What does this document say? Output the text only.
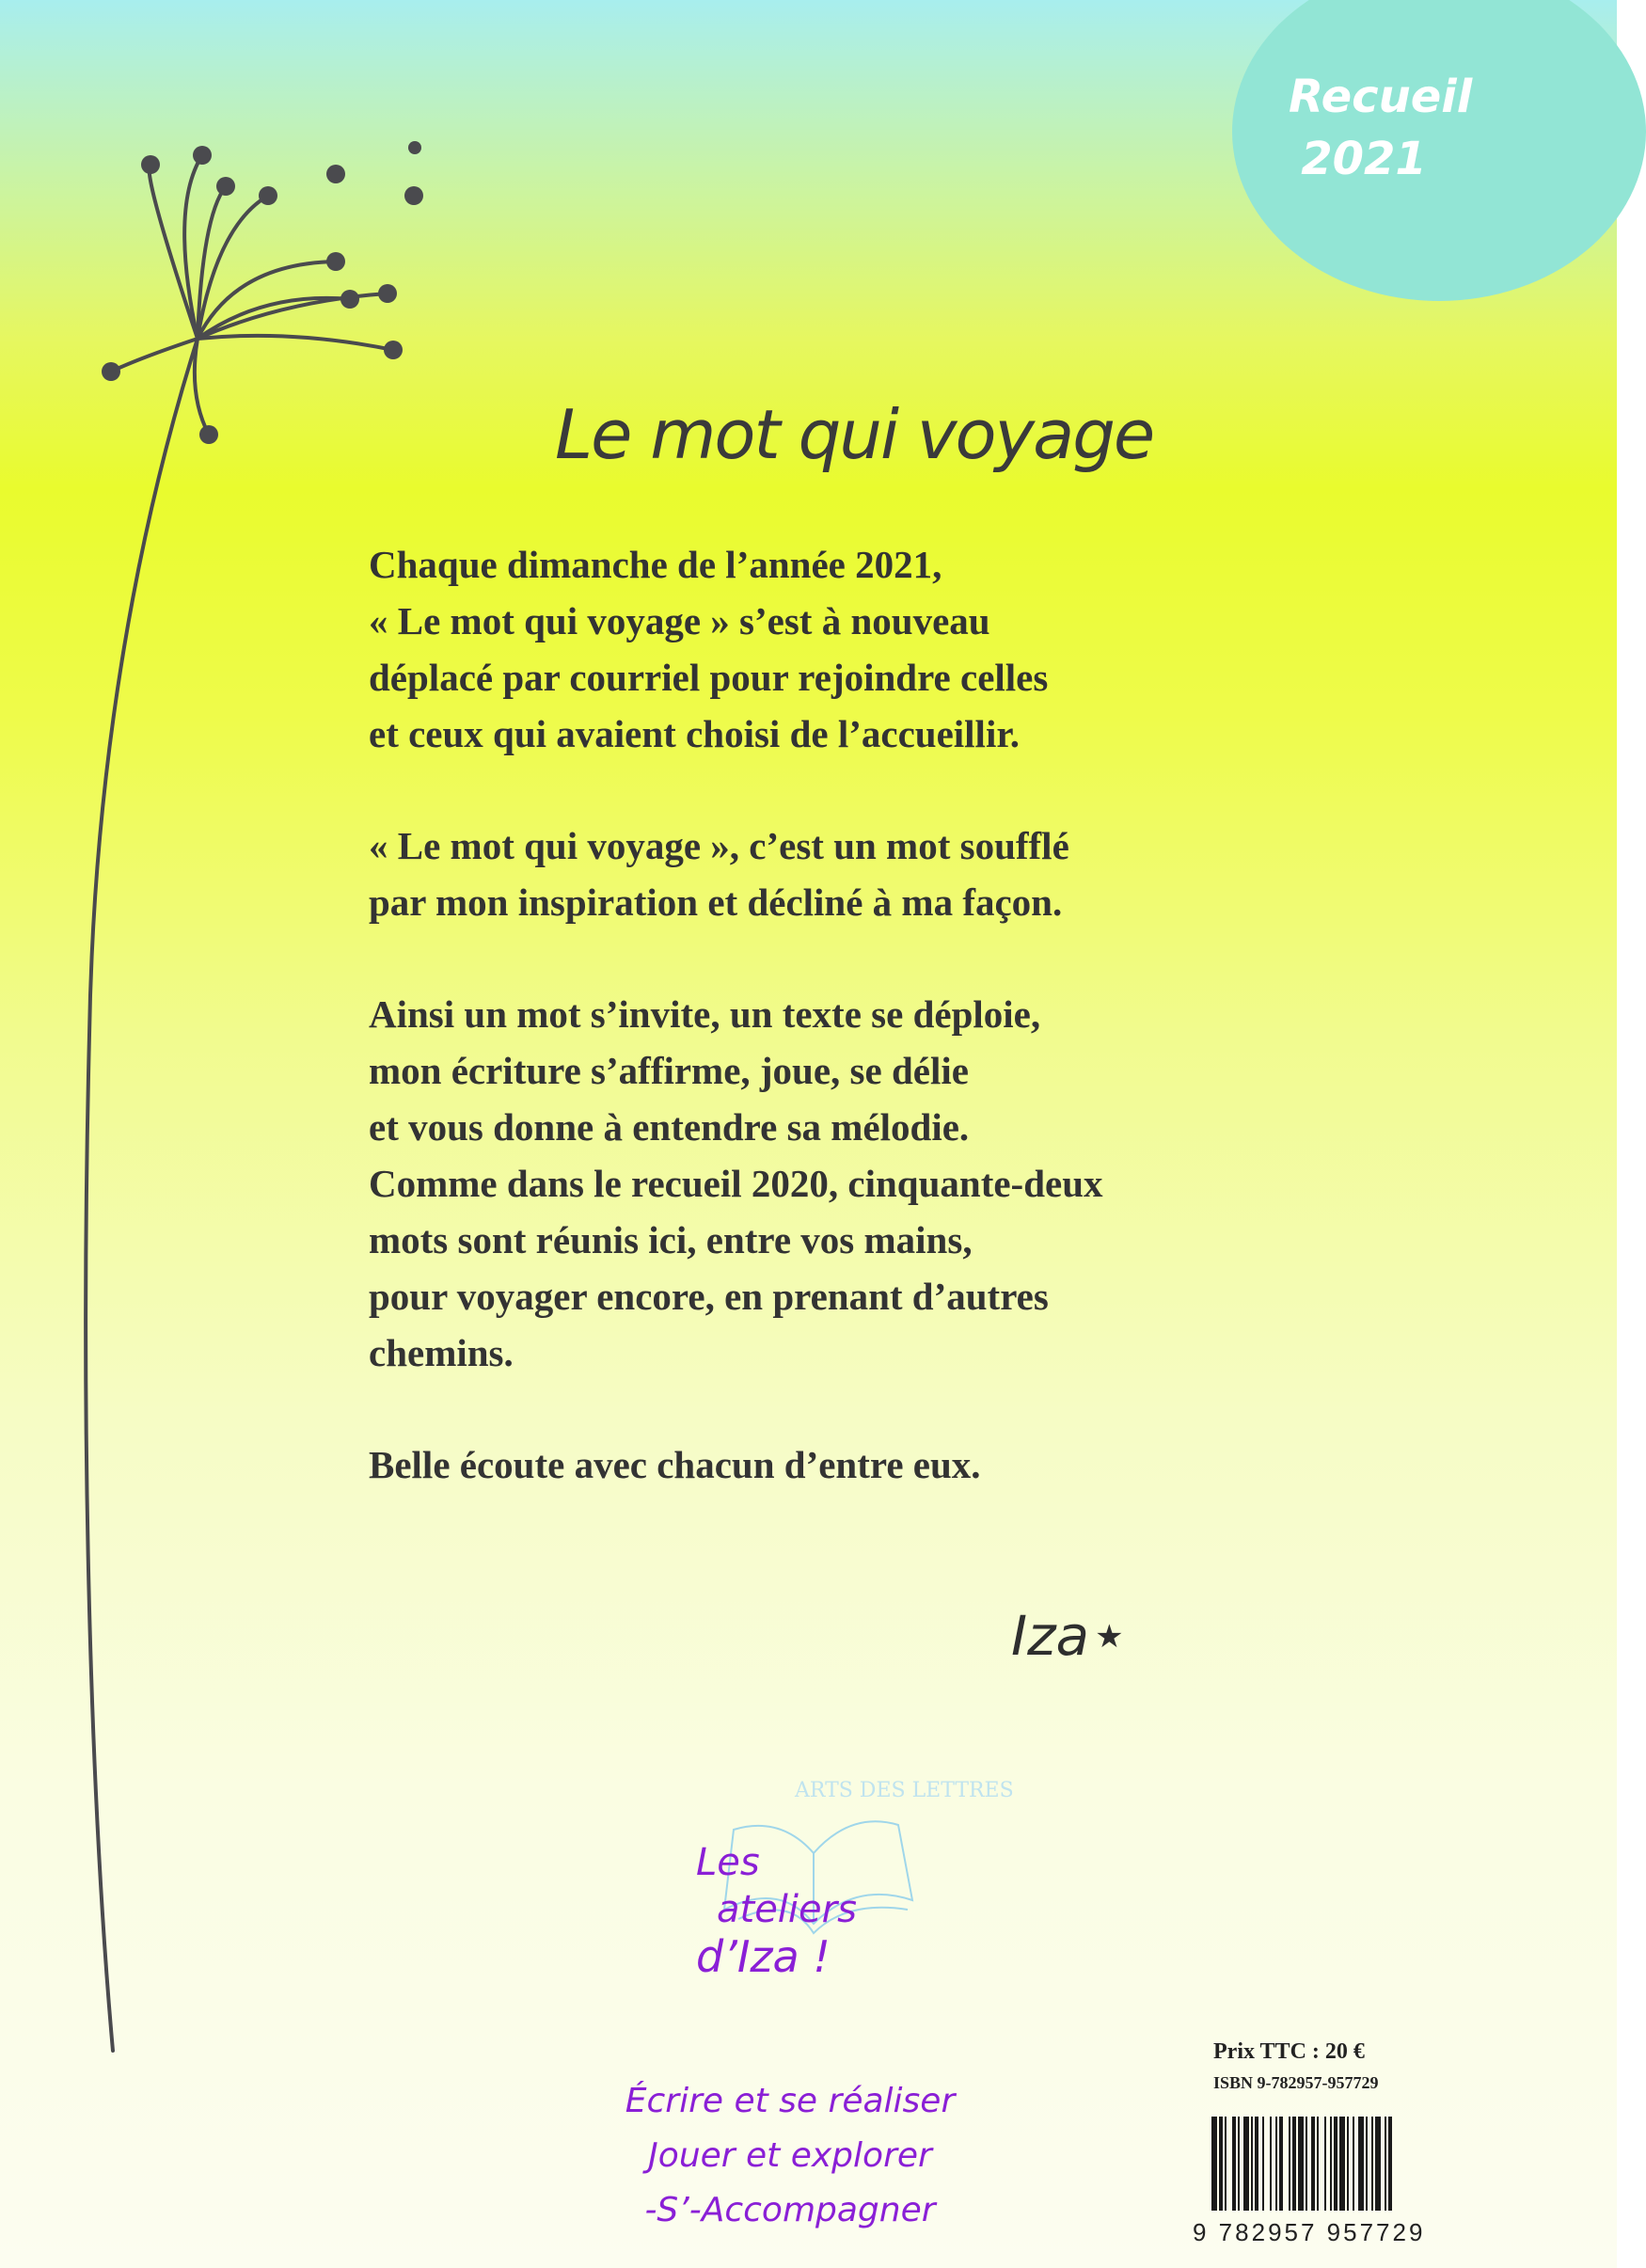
Recueil
2021
Le mot qui voyage
Chaque dimanche de l’année 2021,
« Le mot qui voyage » s’est à nouveau
déplacé par courriel pour rejoindre celles
et ceux qui avaient choisi de l’accueillir.
« Le mot qui voyage », c’est un mot soufflé
par mon inspiration et décliné à ma façon.
Ainsi un mot s’invite, un texte se déploie,
mon écriture s’affirme, joue, se délie
et vous donne à entendre sa mélodie.
Comme dans le recueil 2020, cinquante-deux
mots sont réunis ici, entre vos mains,
pour voyager encore, en prenant d’autres
chemins.
Belle écoute avec chacun d’entre eux.
Iza ★
ARTS DES LETTRES
Les
ateliers
d’Iza !
Écrire et se réaliser
Jouer et explorer
-S’-Accompagner
Prix TTC : 20 €
ISBN 9-782957-957729
9 782957 957729
